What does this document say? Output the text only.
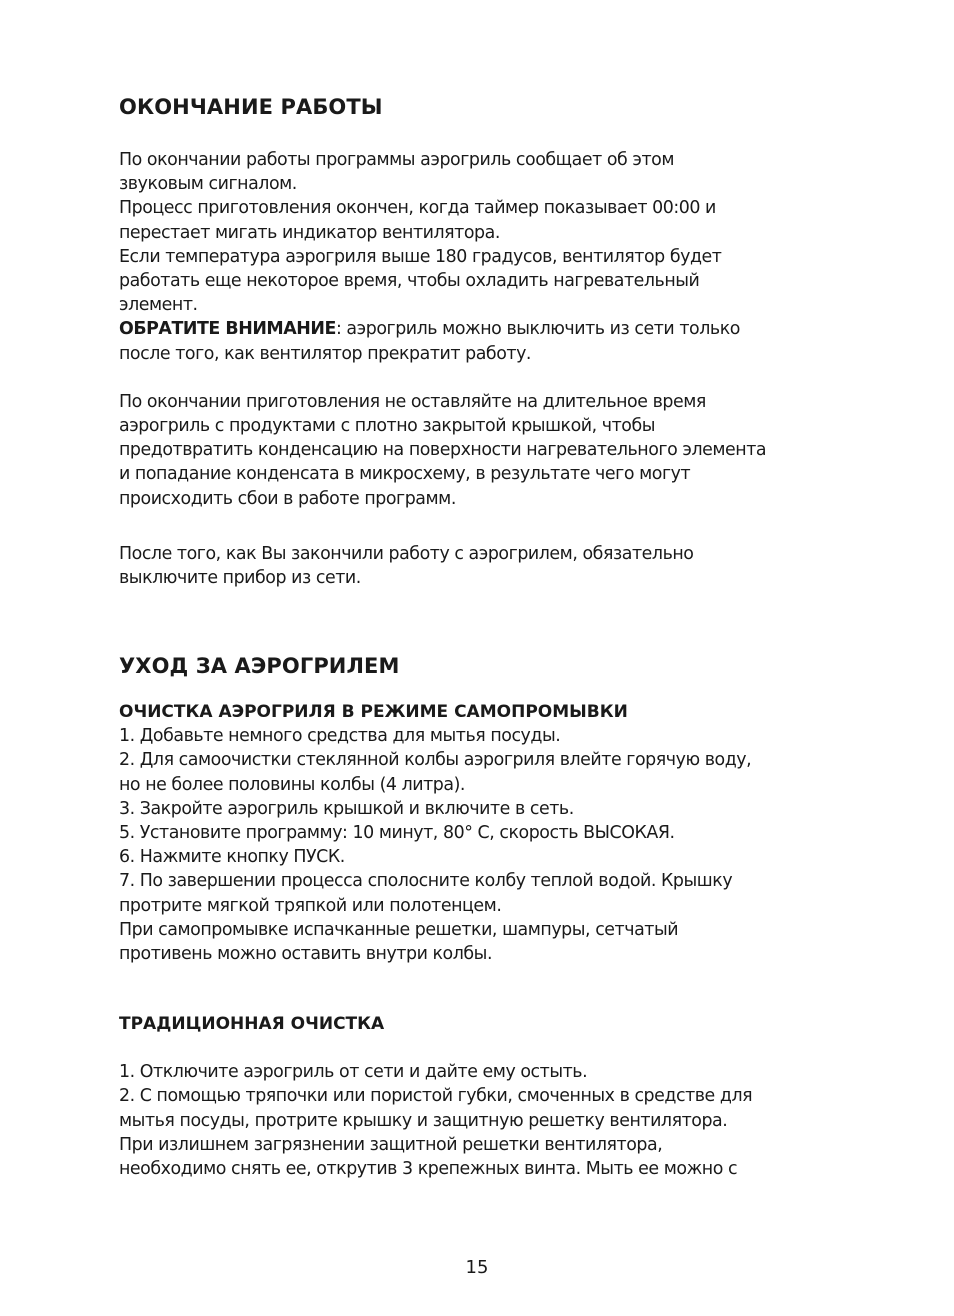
ОКОНЧАНИЕ РАБОТЫ
По окончании работы программы аэрогриль сообщает об этом
звуковым сигналом.
Процесс приготовления окончен, когда таймер показывает 00:00 и
перестает мигать индикатор вентилятора.
Если температура аэрогриля выше 180 градусов, вентилятор будет
работать еще некоторое время, чтобы охладить нагревательный
элемент.
ОБРАТИТЕ ВНИМАНИЕ: аэрогриль можно выключить из сети только
после того, как вентилятор прекратит работу.
По окончании приготовления не оставляйте на длительное время
аэрогриль с продуктами с плотно закрытой крышкой, чтобы
предотвратить конденсацию на поверхности нагревательного элемента
и попадание конденсата в микросхему, в результате чего могут
происходить сбои в работе программ.
После того, как Вы закончили работу с аэрогрилем, обязательно
выключите прибор из сети.
УХОД ЗА АЭРОГРИЛЕМ
ОЧИСТКА АЭРОГРИЛЯ В РЕЖИМЕ САМОПРОМЫВКИ
1. Добавьте немного средства для мытья посуды.
2. Для самоочистки стеклянной колбы аэрогриля влейте горячую воду,
но не более половины колбы (4 литра).
3. Закройте аэрогриль крышкой и включите в сеть.
5. Установите программу: 10 минут, 80° С, скорость ВЫСОКАЯ.
6. Нажмите кнопку ПУСК.
7. По завершении процесса сполосните колбу теплой водой. Крышку
протрите мягкой тряпкой или полотенцем.
При самопромывке испачканные решетки, шампуры, сетчатый
противень можно оставить внутри колбы.
ТРАДИЦИОННАЯ ОЧИСТКА
1. Отключите аэрогриль от сети и дайте ему остыть.
2. С помощью тряпочки или пористой губки, смоченных в средстве для
мытья посуды, протрите крышку и защитную решетку вентилятора.
При излишнем загрязнении защитной решетки вентилятора,
необходимо снять ее, открутив 3 крепежных винта. Мыть ее можно с
15
